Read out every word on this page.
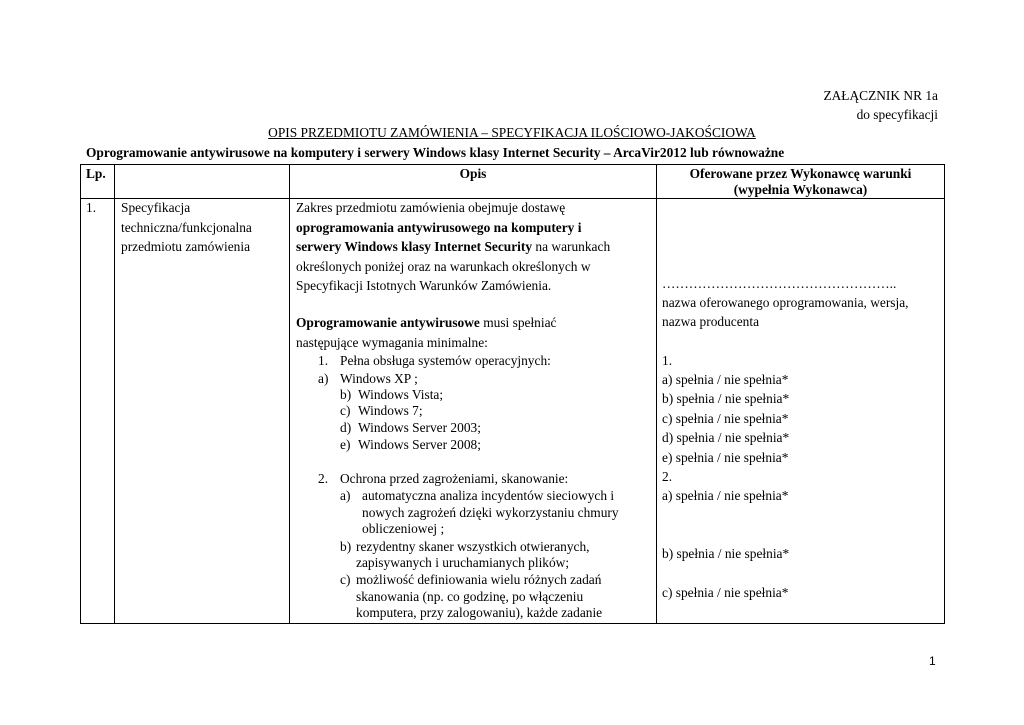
ZAŁĄCZNIK NR 1a
do specyfikacji
OPIS PRZEDMIOTU ZAMÓWIENIA – SPECYFIKACJA ILOŚCIOWO-JAKOŚCIOWA
Oprogramowanie antywirusowe na komputery i serwery Windows klasy Internet Security – ArcaVir2012 lub równoważne
Lp.	Opis	Oferowane przez Wykonawcę warunki
(wypełnia Wykonawca)
1. Specyfikacja
techniczna/funkcjonalna
przedmiotu zamówienia
Zakres przedmiotu zamówienia obejmuje dostawę
oprogramowania antywirusowego na komputery i
serwery Windows klasy Internet Security na warunkach
określonych poniżej oraz na warunkach określonych w
Specyfikacji Istotnych Warunków Zamówienia.
Oprogramowanie antywirusowe musi spełniać
następujące wymagania minimalne:
1. Pełna obsługa systemów operacyjnych:
a) Windows XP ;
b) Windows Vista;
c) Windows 7;
d) Windows Server 2003;
e) Windows Server 2008;
2. Ochrona przed zagrożeniami, skanowanie:
a) automatyczna analiza incydentów sieciowych i
nowych zagrożeń dzięki wykorzystaniu chmury
obliczeniowej ;
b) rezydentny skaner wszystkich otwieranych,
zapisywanych i uruchamianych plików;
c) możliwość definiowania wielu różnych zadań
skanowania (np. co godzinę, po włączeniu
komputera, przy zalogowaniu), każde zadanie
……………………………………………..
nazwa oferowanego oprogramowania, wersja,
nazwa producenta
1.
a) spełnia / nie spełnia*
b) spełnia / nie spełnia*
c) spełnia / nie spełnia*
d) spełnia / nie spełnia*
e) spełnia / nie spełnia*
2.
a) spełnia / nie spełnia*
b) spełnia / nie spełnia*
c) spełnia / nie spełnia*
1
